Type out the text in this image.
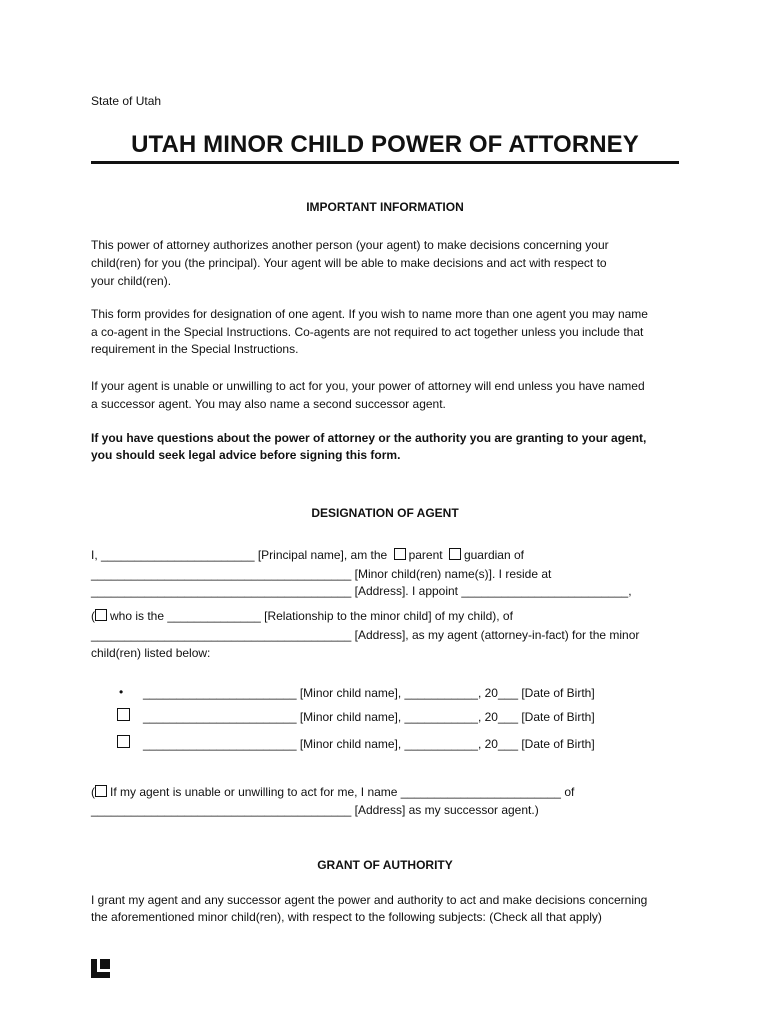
State of Utah
UTAH MINOR CHILD POWER OF ATTORNEY
IMPORTANT INFORMATION
This power of attorney authorizes another person (your agent) to make decisions concerning your
child(ren) for you (the principal). Your agent will be able to make decisions and act with respect to
your child(ren).
This form provides for designation of one agent. If you wish to name more than one agent you may name
a co-agent in the Special Instructions. Co-agents are not required to act together unless you include that
requirement in the Special Instructions.
If your agent is unable or unwilling to act for you, your power of attorney will end unless you have named
a successor agent. You may also name a second successor agent.
If you have questions about the power of attorney or the authority you are granting to your agent,
you should seek legal advice before signing this form.
DESIGNATION OF AGENT
I, _______________________ [Principal name], am the parent guardian of
_______________________________________ [Minor child(ren) name(s)]. I reside at
_______________________________________ [Address]. I appoint _________________________,
( who is the ______________ [Relationship to the minor child] of my child), of
_______________________________________ [Address], as my agent (attorney-in-fact) for the minor
child(ren) listed below:
• _______________________ [Minor child name], ___________, 20___ [Date of Birth]
_______________________ [Minor child name], ___________, 20___ [Date of Birth]
_______________________ [Minor child name], ___________, 20___ [Date of Birth]
( If my agent is unable or unwilling to act for me, I name ________________________ of
_______________________________________ [Address] as my successor agent.)
GRANT OF AUTHORITY
I grant my agent and any successor agent the power and authority to act and make decisions concerning
the aforementioned minor child(ren), with respect to the following subjects: (Check all that apply)
